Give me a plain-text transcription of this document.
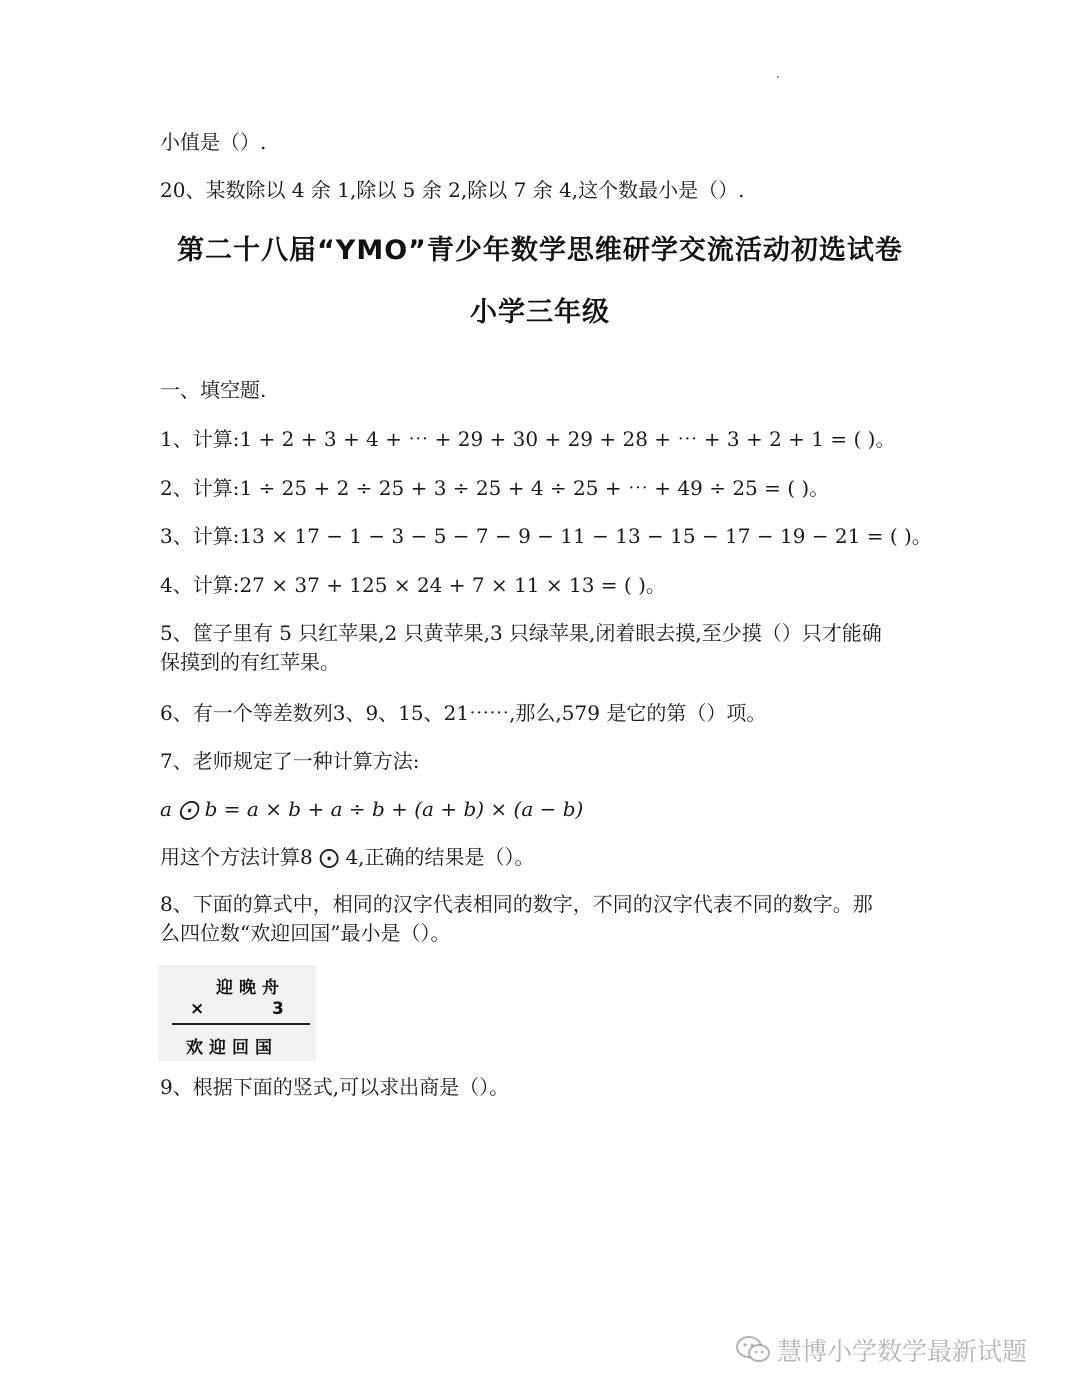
小值是（）.
20、某数除以 4 余 1,除以 5 余 2,除以 7 余 4,这个数最小是（）.
第二十八届“YMO”青少年数学思维研学交流活动初选试卷
小学三年级
一、填空题.
1、计算:1 + 2 + 3 + 4 + ⋯ + 29 + 30 + 29 + 28 + ⋯ + 3 + 2 + 1 = ( )。
2、计算:1 ÷ 25 + 2 ÷ 25 + 3 ÷ 25 + 4 ÷ 25 + ⋯ + 49 ÷ 25 = ( )。
3、计算:13 × 17 − 1 − 3 − 5 − 7 − 9 − 11 − 13 − 15 − 17 − 19 − 21 = ( )。
4、计算:27 × 37 + 125 × 24 + 7 × 11 × 13 = ( )。
5、筐子里有 5 只红苹果,2 只黄苹果,3 只绿苹果,闭着眼去摸,至少摸（）只才能确
保摸到的有红苹果。
6、有一个等差数列3、9、15、21⋯⋯,那么,579 是它的第（）项。
7、老师规定了一种计算方法:
a ⨀ b = a × b + a ÷ b + (a + b) × (a − b)
用这个方法计算8 ⨀ 4,正确的结果是（）。
8、下面的算式中，相同的汉字代表相同的数字，不同的汉字代表不同的数字。那
么四位数“欢迎回国”最小是（）。
迎晚舟
×	3
欢迎回国
9、根据下面的竖式,可以求出商是（）。
慧博小学数学最新试题
